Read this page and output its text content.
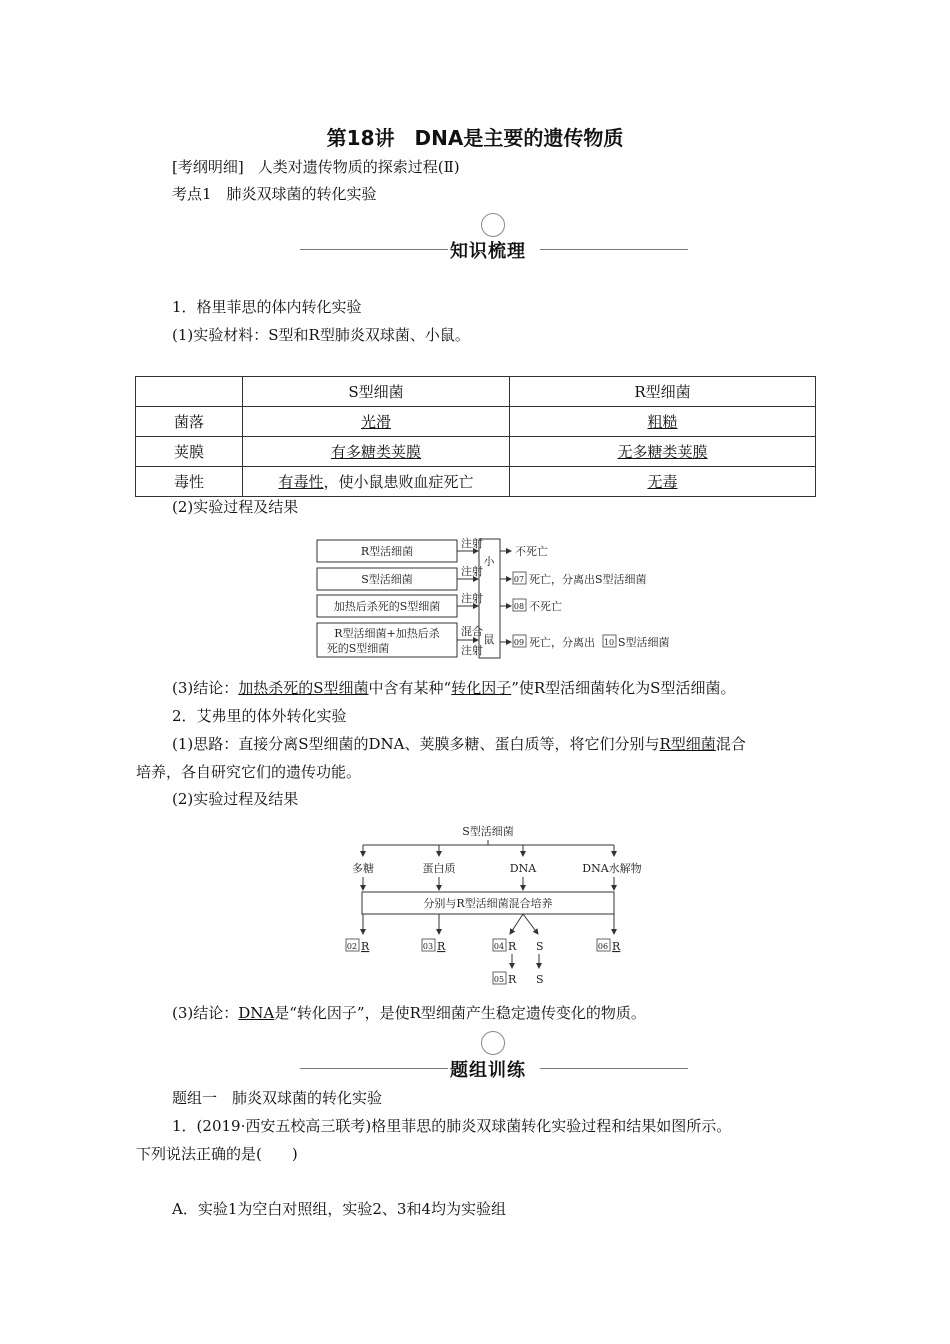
第18讲　DNA是主要的遗传物质
[考纲明细] 人类对遗传物质的探索过程(Ⅱ)
考点1　肺炎双球菌的转化实验
知识梳理
1．格里菲思的体内转化实验
(1)实验材料：S型和R型肺炎双球菌、小鼠。
	S型细菌	R型细菌
菌落	光滑	粗糙
荚膜	有多糖类荚膜	无多糖类荚膜
毒性	有毒性，使小鼠患败血症死亡	无毒
(2)实验过程及结果
R型活细菌
S型活细菌
加热后杀死的S型细菌
R型活细菌+加热后杀
死的S型细菌
注射
注射
注射
混合
注射
小
鼠
不死亡
07 死亡，分离出S型活细菌
08 不死亡
09 死亡，分离出 10 S型活细菌
(3)结论：加热杀死的S型细菌中含有某种“转化因子”使R型活细菌转化为S型活细菌。
2．艾弗里的体外转化实验
(1)思路：直接分离S型细菌的DNA、荚膜多糖、蛋白质等，将它们分别与R型细菌混合
培养，各自研究它们的遗传功能。
(2)实验过程及结果
S型活细菌
多糖	蛋白质	DNA	DNA水解物
分别与R型活细菌混合培养
02 R	03 R	04 R S	06 R
05 R S
(3)结论：DNA是“转化因子”，是使R型细菌产生稳定遗传变化的物质。
题组训练
题组一　肺炎双球菌的转化实验
1．(2019·西安五校高三联考)格里菲思的肺炎双球菌转化实验过程和结果如图所示。
下列说法正确的是(　　)
A．实验1为空白对照组，实验2、3和4均为实验组
